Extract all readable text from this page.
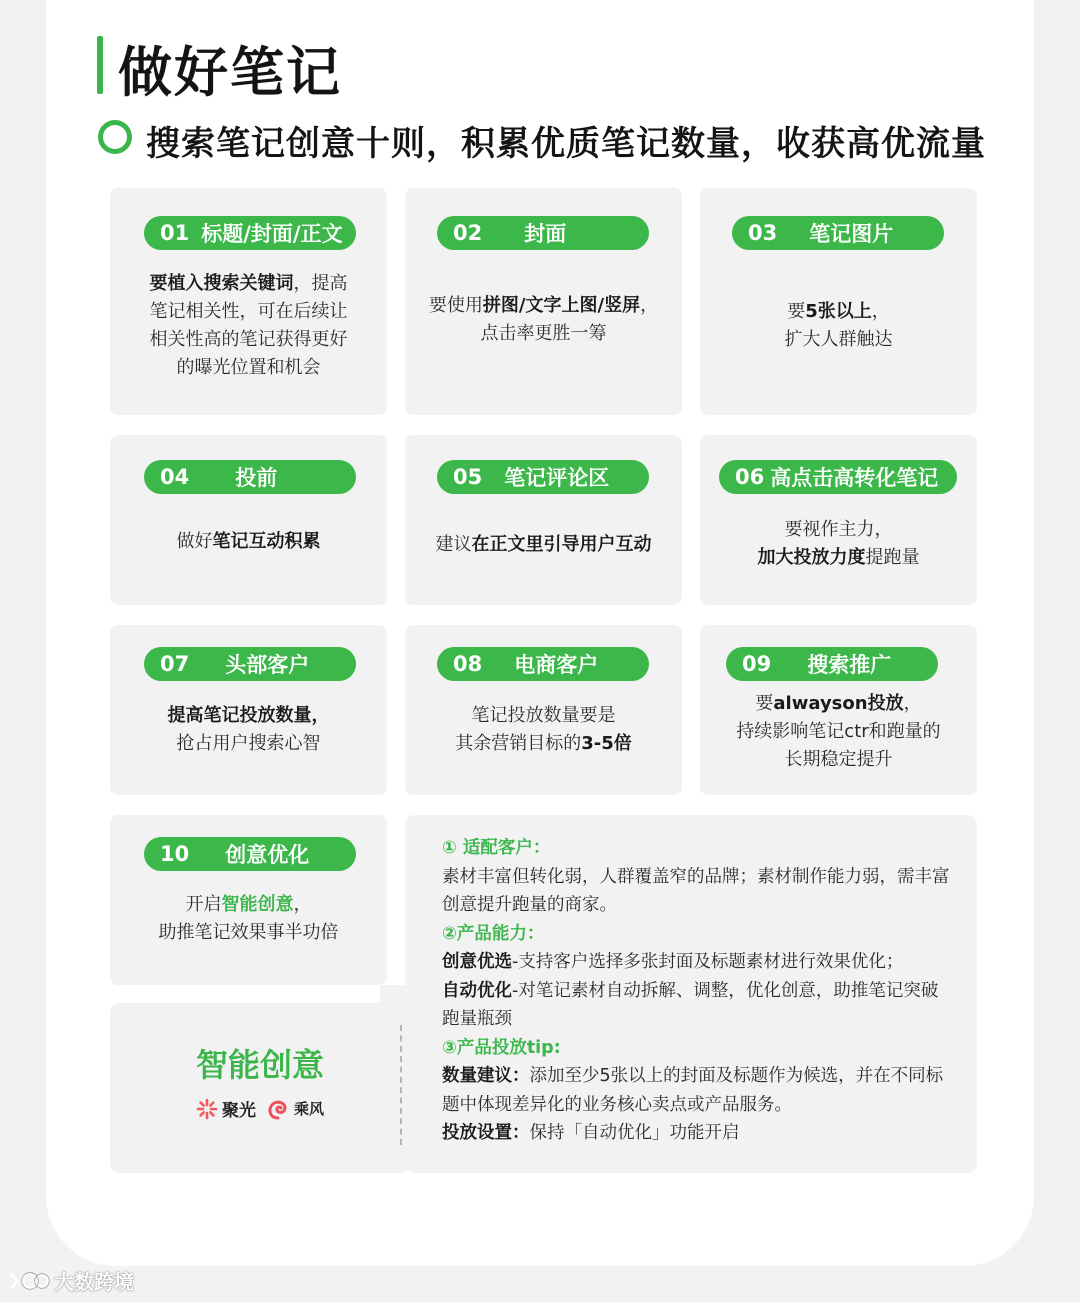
做好笔记
搜索笔记创意十则，积累优质笔记数量，收获高优流量
01 标题/封面/正文
要植入搜索关键词，提高
笔记相关性，可在后续让
相关性高的笔记获得更好
的曝光位置和机会
02 封面
要使用拼图/文字上图/竖屏，
点击率更胜一筹
03 笔记图片
要5张以上，
扩大人群触达
04 投前
做好笔记互动积累
05 笔记评论区
建议在正文里引导用户互动
06 高点击高转化笔记
要视作主力，
加大投放力度提跑量
07 头部客户
提高笔记投放数量，
抢占用户搜索心智
08 电商客户
笔记投放数量要是
其余营销目标的3-5倍
09 搜索推广
要alwayson投放，
持续影响笔记ctr和跑量的
长期稳定提升
10 创意优化
开启智能创意，
助推笔记效果事半功倍
智能创意
聚光	乘风
① 适配客户：
素材丰富但转化弱，人群覆盖窄的品牌；素材制作能力弱，需丰富创意提升跑量的商家。
②产品能力：
创意优选-支持客户选择多张封面及标题素材进行效果优化；
自动优化-对笔记素材自动拆解、调整，优化创意，助推笔记突破跑量瓶颈
③产品投放tip:
数量建议：添加至少5张以上的封面及标题作为候选，并在不同标题中体现差异化的业务核心卖点或产品服务。
投放设置：保持「自动优化」功能开启
大数跨境
